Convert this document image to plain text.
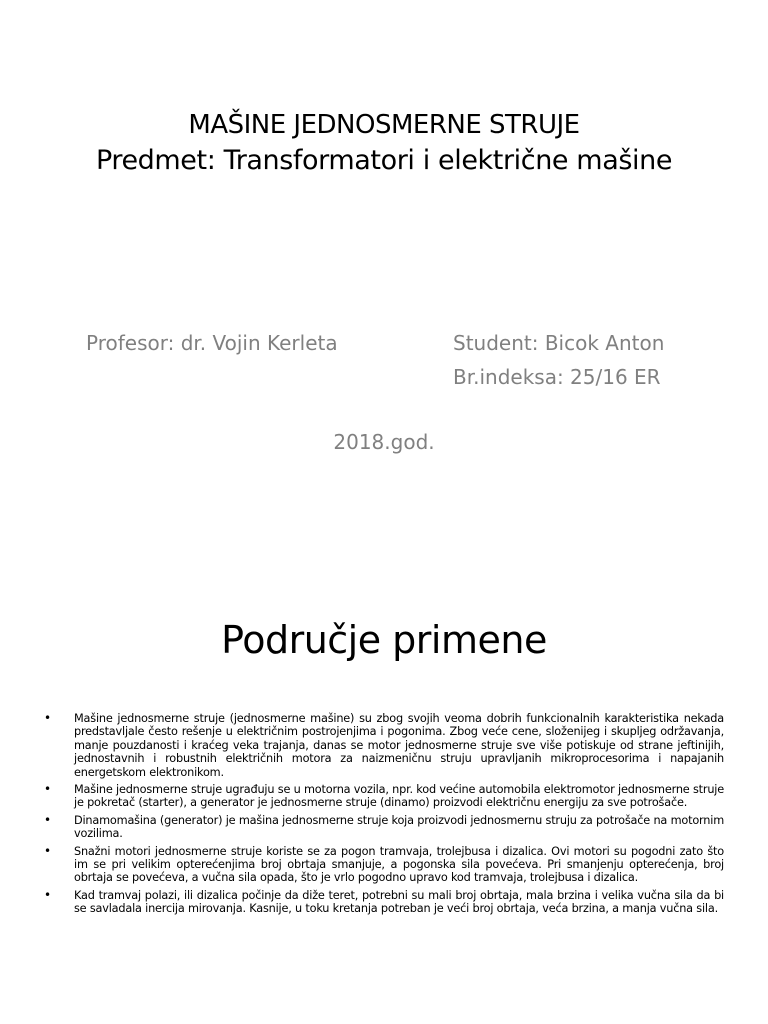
MAŠINE JEDNOSMERNE STRUJE
Predmet: Transformatori i električne mašine
Profesor: dr. Vojin Kerleta	Student: Bicok Anton
Br.indeksa: 25/16 ER
2018.god.
Područje primene
• Mašine jednosmerne struje (jednosmerne mašine) su zbog svojih veoma dobrih funkcionalnih karakteristika nekada predstavljale često rešenje u električnim postrojenjima i pogonima. Zbog veće cene, složenijeg i skupljeg održavanja, manje pouzdanosti i kraćeg veka trajanja, danas se motor jednosmerne struje sve više potiskuje od strane jeftinijih, jednostavnih i robustnih električnih motora za naizmeničnu struju upravljanih mikroprocesorima i napajanih energetskom elektronikom.
• Mašine jednosmerne struje ugrađuju se u motorna vozila, npr. kod većine automobila elektromotor jednosmerne struje je pokretač (starter), a generator je jednosmerne struje (dinamo) proizvodi električnu energiju za sve potrošače.
• Dinamomašina (generator) je mašina jednosmerne struje koja proizvodi jednosmernu struju za potrošače na motornim vozilima.
• Snažni motori jednosmerne struje koriste se za pogon tramvaja, trolejbusa i dizalica. Ovi motori su pogodni zato što im se pri velikim opterećenjima broj obrtaja smanjuje, a pogonska sila povećeva. Pri smanjenju opterećenja, broj obrtaja se povećeva, a vučna sila opada, što je vrlo pogodno upravo kod tramvaja, trolejbusa i dizalica.
• Kad tramvaj polazi, ili dizalica počinje da diže teret, potrebni su mali broj obrtaja, mala brzina i velika vučna sila da bi se savladala inercija mirovanja. Kasnije, u toku kretanja potreban je veći broj obrtaja, veća brzina, a manja vučna sila.
